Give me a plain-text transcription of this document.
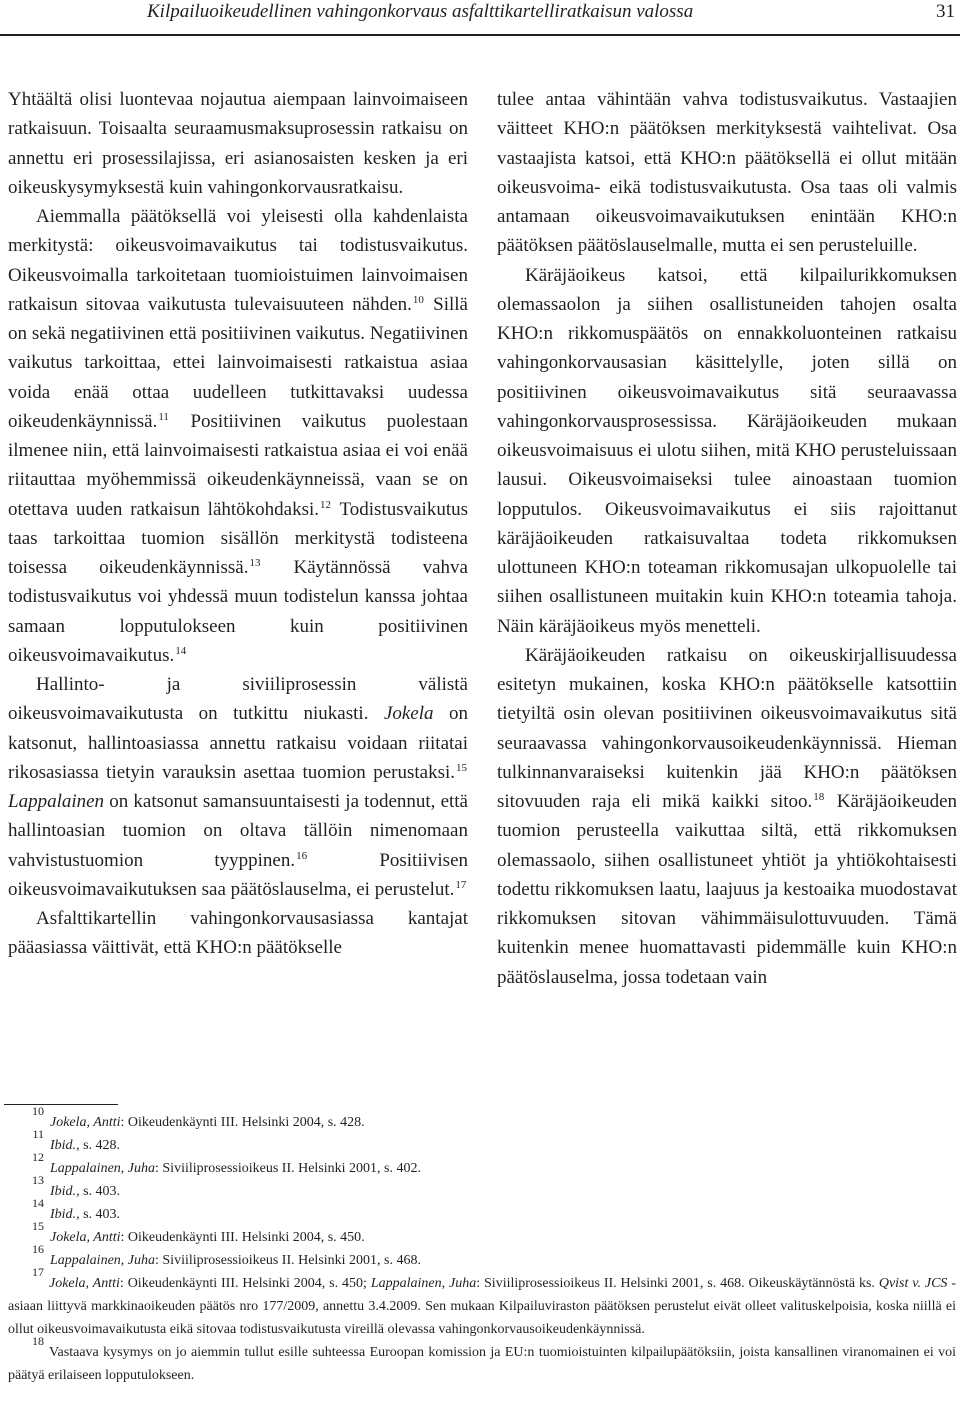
Kilpailuoikeudellinen vahingonkorvaus asfalttikartelliratkaisun valossa	31

Yhtäältä olisi luontevaa nojautua aiempaan lainvoimaiseen ratkaisuun. Toisaalta seuraamusmaksuprosessin ratkaisu on annettu eri prosessilajissa, eri asianosaisten kesken ja eri oikeuskysymyksestä kuin vahingonkorvausratkaisu.

Aiemmalla päätöksellä voi yleisesti olla kahdenlaista merkitystä: oikeusvoimavaikutus tai todistusvaikutus. Oikeusvoimalla tarkoitetaan tuomioistuimen lainvoimaisen ratkaisun sitovaa vaikutusta tulevaisuuteen nähden.$^{10}$ Sillä on sekä negatiivinen että positiivinen vaikutus. Negatiivinen vaikutus tarkoittaa, ettei lainvoimaisesti ratkaistua asiaa voida enää ottaa uudelleen tutkittavaksi uudessa oikeudenkäynnissä.$^{11}$ Positiivinen vaikutus puolestaan ilmenee niin, että lainvoimaisesti ratkaistua asiaa ei voi enää riitauttaa myöhemmissä oikeudenkäynneissä, vaan se on otettava uuden ratkaisun lähtökohdaksi.$^{12}$ Todistusvaikutus taas tarkoittaa tuomion sisällön merkitystä todisteena toisessa oikeudenkäynnissä.$^{13}$ Käytännössä vahva todistusvaikutus voi yhdessä muun todistelun kanssa johtaa samaan lopputulokseen kuin positiivinen oikeusvoimavaikutus.$^{14}$

Hallinto- ja siviiliprosessin välistä oikeusvoimavaikutusta on tutkittu niukasti. Jokela on katsonut, hallintoasiassa annettu ratkaisu voidaan riitatai rikosasiassa tietyin varauksin asettaa tuomion perustaksi.$^{15}$ Lappalainen on katsonut samansuuntaisesti ja todennut, että hallintoasian tuomion on oltava tällöin nimenomaan vahvistustuomion tyyppinen.$^{16}$ Positiivisen oikeusvoimavaikutuksen saa päätöslauselma, ei perustelut.$^{17}$

Asfalttikartellin vahingonkorvausasiassa kantajat pääasiassa väittivät, että KHO:n päätökselle

tulee antaa vähintään vahva todistusvaikutus. Vastaajien väitteet KHO:n päätöksen merkityksestä vaihtelivat. Osa vastaajista katsoi, että KHO:n päätöksellä ei ollut mitään oikeusvoima- eikä todistusvaikutusta. Osa taas oli valmis antamaan oikeusvoimavaikutuksen enintään KHO:n päätöksen päätöslauselmalle, mutta ei sen perusteluille.

Käräjäoikeus katsoi, että kilpailurikkomuksen olemassaolon ja siihen osallistuneiden tahojen osalta KHO:n rikkomuspäätös on ennakkoluonteinen ratkaisu vahingonkorvausasian käsittelylle, joten sillä on positiivinen oikeusvoimavaikutus sitä seuraavassa vahingonkorvausprosessissa. Käräjäoikeuden mukaan oikeusvoimaisuus ei ulotu siihen, mitä KHO perusteluissaan lausui. Oikeusvoimaiseksi tulee ainoastaan tuomion lopputulos. Oikeusvoimavaikutus ei siis rajoittanut käräjäoikeuden ratkaisuvaltaa todeta rikkomuksen ulottuneen KHO:n toteaman rikkomusajan ulkopuolelle tai siihen osallistuneen muitakin kuin KHO:n toteamia tahoja. Näin käräjäoikeus myös menetteli.

Käräjäoikeuden ratkaisu on oikeuskirjallisuudessa esitetyn mukainen, koska KHO:n päätökselle katsottiin tietyiltä osin olevan positiivinen oikeusvoimavaikutus sitä seuraavassa vahingonkorvausoikeudenkäynnissä. Hieman tulkinnanvaraiseksi kuitenkin jää KHO:n päätöksen sitovuuden raja eli mikä kaikki sitoo.$^{18}$ Käräjäoikeuden tuomion perusteella vaikuttaa siltä, että rikkomuksen olemassaolo, siihen osallistuneet yhtiöt ja yhtiökohtaisesti todettu rikkomuksen laatu, laajuus ja kestoaika muodostavat rikkomuksen sitovan vähimmäisulottuvuuden. Tämä kuitenkin menee huomattavasti pidemmälle kuin KHO:n päätöslauselma, jossa todetaan vain

10
Jokela, Antti: Oikeudenkäynti III. Helsinki 2004, s. 428.
11
Ibid., s. 428.
12
Lappalainen, Juha: Siviiliprosessioikeus II. Helsinki 2001, s. 402.
13
Ibid., s. 403.
14
Ibid., s. 403.
15
Jokela, Antti: Oikeudenkäynti III. Helsinki 2004, s. 450.
16
Lappalainen, Juha: Siviiliprosessioikeus II. Helsinki 2001, s. 468.
17
Jokela, Antti: Oikeudenkäynti III. Helsinki 2004, s. 450; Lappalainen, Juha: Siviiliprosessioikeus II. Helsinki 2001, s. 468. Oikeuskäytännöstä ks. Qvist v. JCS -asiaan liittyvä markkinaoikeuden päätös nro 177/2009, annettu 3.4.2009. Sen mukaan Kilpailuviraston päätöksen perustelut eivät olleet valituskelpoisia, koska niillä ei ollut oikeusvoimavaikutusta eikä sitovaa todistusvaikutusta vireillä olevassa vahingonkorvausoikeudenkäynnissä.
18
Vastaava kysymys on jo aiemmin tullut esille suhteessa Euroopan komission ja EU:n tuomioistuinten kilpailupäätöksiin, joista kansallinen viranomainen ei voi päätyä erilaiseen lopputulokseen.
